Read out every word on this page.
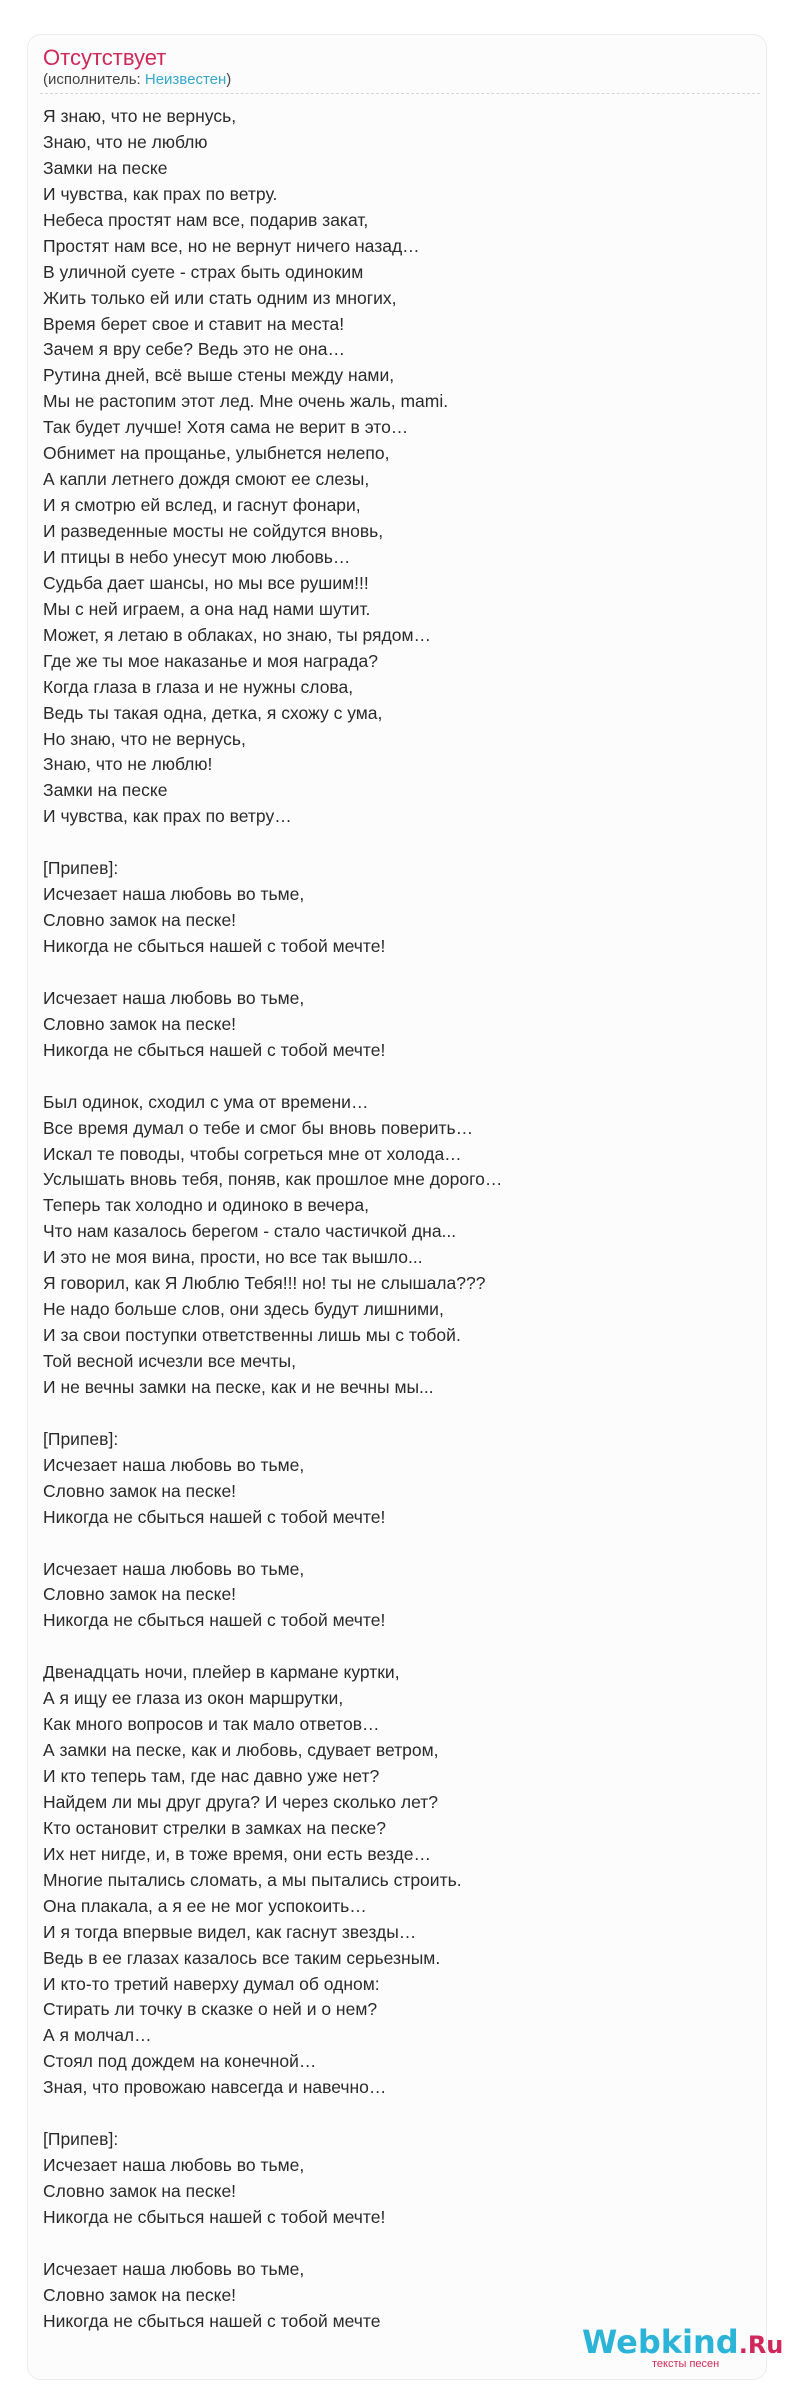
Отсутствует
(исполнитель: Неизвестен)
Я знаю, что не вернусь,
Знаю, что не люблю
Замки на песке
И чувства, как прах по ветру.
Небеса простят нам все, подарив закат,
Простят нам все, но не вернут ничего назад…
В уличной суете - страх быть одиноким
Жить только ей или стать одним из многих,
Время берет свое и ставит на места!
Зачем я вру себе? Ведь это не она…
Рутина дней, всё выше стены между нами,
Мы не растопим этот лед. Мне очень жаль, mami.
Так будет лучше! Хотя сама не верит в это…
Обнимет на прощанье, улыбнется нелепо,
А капли летнего дождя смоют ее слезы,
И я смотрю ей вслед, и гаснут фонари,
И разведенные мосты не сойдутся вновь,
И птицы в небо унесут мою любовь…
Судьба дает шансы, но мы все рушим!!!
Мы с ней играем, а она над нами шутит.
Может, я летаю в облаках, но знаю, ты рядом…
Где же ты мое наказанье и моя награда?
Когда глаза в глаза и не нужны слова,
Ведь ты такая одна, детка, я схожу с ума,
Но знаю, что не вернусь,
Знаю, что не люблю!
Замки на песке
И чувства, как прах по ветру…
[Припев]:
Исчезает наша любовь во тьме,
Словно замок на песке!
Никогда не сбыться нашей с тобой мечте!
Исчезает наша любовь во тьме,
Словно замок на песке!
Никогда не сбыться нашей с тобой мечте!
Был одинок, сходил с ума от времени…
Все время думал о тебе и смог бы вновь поверить…
Искал те поводы, чтобы согреться мне от холода…
Услышать вновь тебя, поняв, как прошлое мне дорого…
Теперь так холодно и одиноко в вечера,
Что нам казалось берегом - стало частичкой дна...
И это не моя вина, прости, но все так вышло...
Я говорил, как Я Люблю Тебя!!! но! ты не слышала???
Не надо больше слов, они здесь будут лишними,
И за свои поступки ответственны лишь мы с тобой.
Той весной исчезли все мечты,
И не вечны замки на песке, как и не вечны мы...
[Припев]:
Исчезает наша любовь во тьме,
Словно замок на песке!
Никогда не сбыться нашей с тобой мечте!
Исчезает наша любовь во тьме,
Словно замок на песке!
Никогда не сбыться нашей с тобой мечте!
Двенадцать ночи, плейер в кармане куртки,
А я ищу ее глаза из окон маршрутки,
Как много вопросов и так мало ответов…
А замки на песке, как и любовь, сдувает ветром,
И кто теперь там, где нас давно уже нет?
Найдем ли мы друг друга? И через сколько лет?
Кто остановит стрелки в замках на песке?
Их нет нигде, и, в тоже время, они есть везде…
Многие пытались сломать, а мы пытались строить.
Она плакала, а я ее не мог успокоить…
И я тогда впервые видел, как гаснут звезды…
Ведь в ее глазах казалось все таким серьезным.
И кто-то третий наверху думал об одном:
Стирать ли точку в сказке о ней и о нем?
А я молчал…
Стоял под дождем на конечной…
Зная, что провожаю навсегда и навечно…
[Припев]:
Исчезает наша любовь во тьме,
Словно замок на песке!
Никогда не сбыться нашей с тобой мечте!
Исчезает наша любовь во тьме,
Словно замок на песке!
Никогда не сбыться нашей с тобой мечте
Webkind.Ru
тексты песен
